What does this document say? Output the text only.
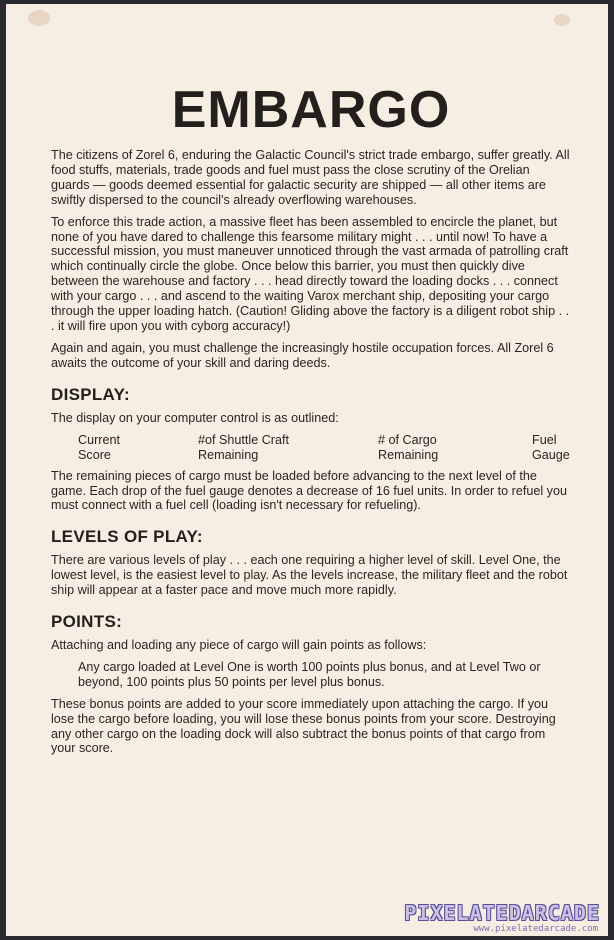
EMBARGO

The citizens of Zorel 6, enduring the Galactic Council's strict trade embargo, suffer greatly. All food stuffs, materials, trade goods and fuel must pass the close scrutiny of the Orelian guards — goods deemed essential for galactic security are shipped — all other items are swiftly dispersed to the council's already overflowing warehouses.

To enforce this trade action, a massive fleet has been assembled to encircle the planet, but none of you have dared to challenge this fearsome military might . . . until now! To have a successful mission, you must maneuver unnoticed through the vast armada of patrolling craft which continually circle the globe. Once below this barrier, you must then quickly dive between the warehouse and factory . . . head directly toward the loading docks . . . connect with your cargo . . . and ascend to the waiting Varox merchant ship, depositing your cargo through the upper loading hatch. (Caution! Gliding above the factory is a diligent robot ship . . . it will fire upon you with cyborg accuracy!)

Again and again, you must challenge the increasingly hostile occupation forces. All Zorel 6 awaits the outcome of your skill and daring deeds.

DISPLAY:

The display on your computer control is as outlined:

Current
Score
#of Shuttle Craft
Remaining
# of Cargo
Remaining
Fuel
Gauge

The remaining pieces of cargo must be loaded before advancing to the next level of the game. Each drop of the fuel gauge denotes a decrease of 16 fuel units. In order to refuel you must connect with a fuel cell (loading isn't necessary for refueling).

LEVELS OF PLAY:

There are various levels of play . . . each one requiring a higher level of skill. Level One, the lowest level, is the easiest level to play. As the levels increase, the military fleet and the robot ship will appear at a faster pace and move much more rapidly.

POINTS:

Attaching and loading any piece of cargo will gain points as follows:

Any cargo loaded at Level One is worth 100 points plus bonus, and at Level Two or beyond, 100 points plus 50 points per level plus bonus.

These bonus points are added to your score immediately upon attaching the cargo. If you lose the cargo before loading, you will lose these bonus points from your score. Destroying any other cargo on the loading dock will also subtract the bonus points of that cargo from your score.

PIXELATEDARCADE
www.pixelatedarcade.com
